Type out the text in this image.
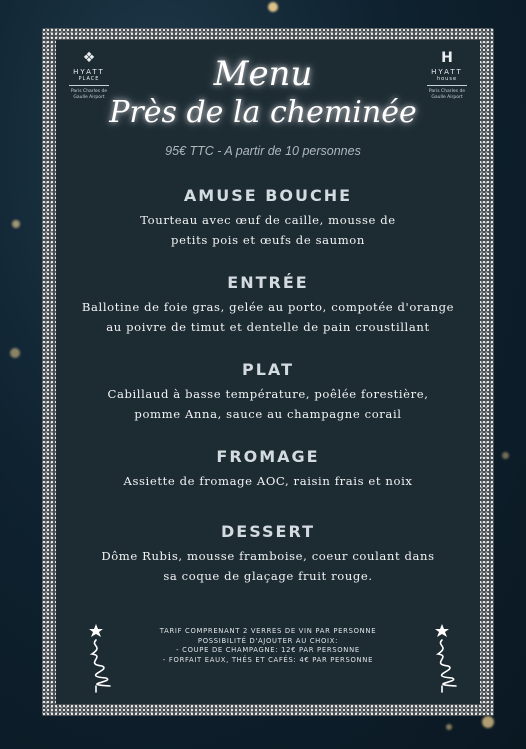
❖
HYATT
PLACE
Paris Charles de Gaulle Airport
H
HYATT
house
Paris Charles de Gaulle Airport
Menu
Près de la cheminée
95€ TTC - A partir de 10 personnes
AMUSE BOUCHE

Tourteau avec œuf de caille, mousse de
petits pois et œufs de saumon

ENTRÉE

Ballotine de foie gras, gelée au porto, compotée d'orange
au poivre de timut et dentelle de pain croustillant

PLAT

Cabillaud à basse température, poêlée forestière,
pomme Anna, sauce au champagne corail

FROMAGE

Assiette de fromage AOC, raisin frais et noix

DESSERT

Dôme Rubis, mousse framboise, coeur coulant dans
sa coque de glaçage fruit rouge.

TARIF COMPRENANT 2 VERRES DE VIN PAR PERSONNE
POSSIBILITÉ D'AJOUTER AU CHOIX:
- COUPE DE CHAMPAGNE: 12€ PAR PERSONNE
- FORFAIT EAUX, THÉS ET CAFÉS: 4€ PAR PERSONNE
